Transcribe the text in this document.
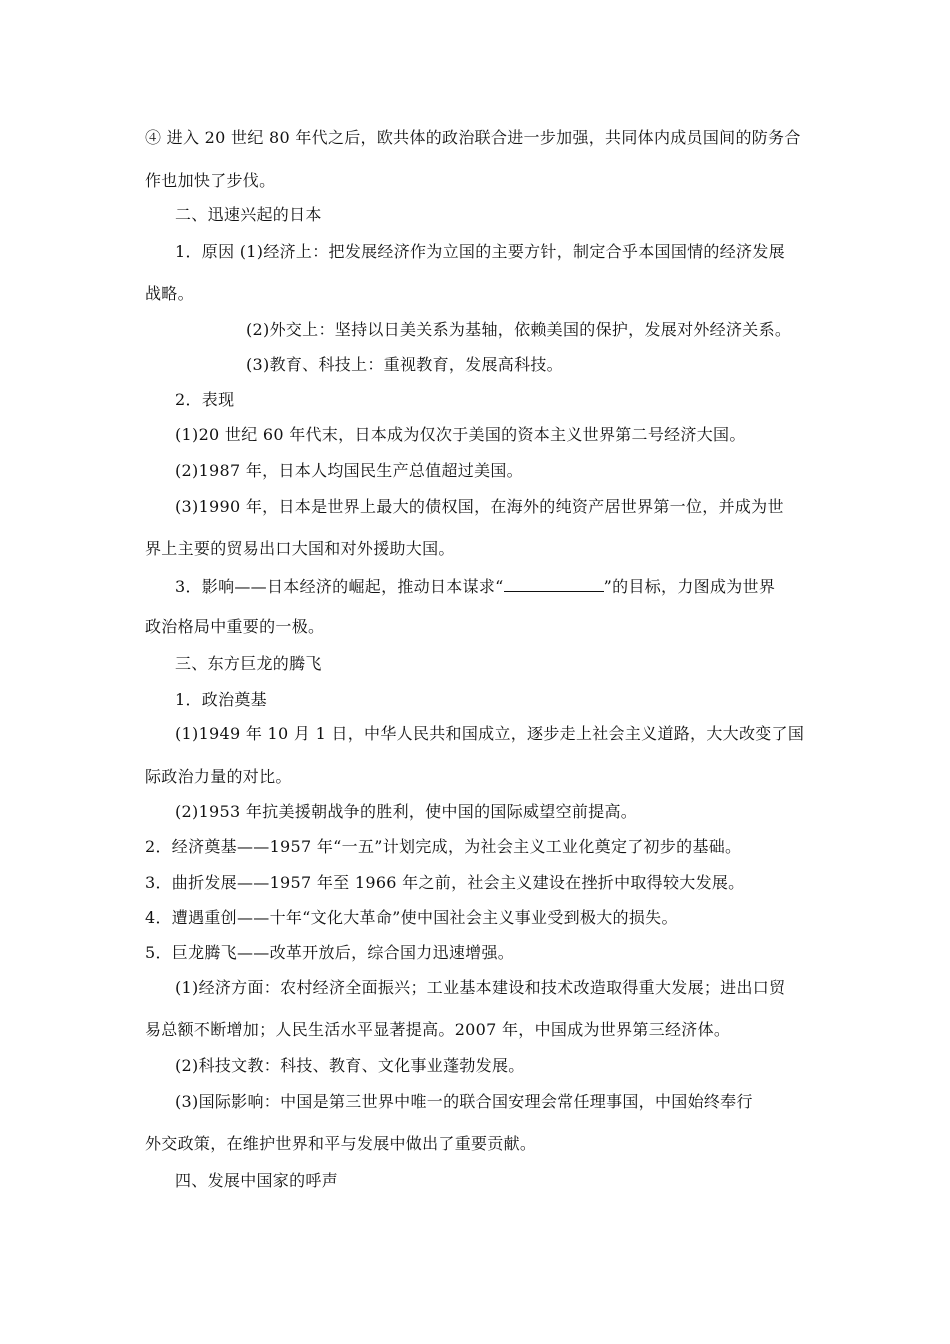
④ 进入 20 世纪 80 年代之后，欧共体的政治联合进一步加强，共同体内成员国间的防务合
作也加快了步伐。
二、迅速兴起的日本
1．原因 (1)经济上：把发展经济作为立国的主要方针，制定合乎本国国情的经济发展
战略。
(2)外交上：坚持以日美关系为基轴，依赖美国的保护，发展对外经济关系。
(3)教育、科技上：重视教育，发展高科技。
2．表现
(1)20 世纪 60 年代末，日本成为仅次于美国的资本主义世界第二号经济大国。
(2)1987 年，日本人均国民生产总值超过美国。
(3)1990 年，日本是世界上最大的债权国，在海外的纯资产居世界第一位，并成为世
界上主要的贸易出口大国和对外援助大国。
3．影响——日本经济的崛起，推动日本谋求“	”的目标，力图成为世界
政治格局中重要的一极。
三、东方巨龙的腾飞
1．政治奠基
(1)1949 年 10 月 1 日，中华人民共和国成立，逐步走上社会主义道路，大大改变了国
际政治力量的对比。
(2)1953 年抗美援朝战争的胜利，使中国的国际威望空前提高。
2．经济奠基——1957 年“一五”计划完成，为社会主义工业化奠定了初步的基础。
3．曲折发展——1957 年至 1966 年之前，社会主义建设在挫折中取得较大发展。
4．遭遇重创——十年“文化大革命”使中国社会主义事业受到极大的损失。
5．巨龙腾飞——改革开放后，综合国力迅速增强。
(1)经济方面：农村经济全面振兴；工业基本建设和技术改造取得重大发展；进出口贸
易总额不断增加；人民生活水平显著提高。2007 年，中国成为世界第三经济体。
(2)科技文教：科技、教育、文化事业蓬勃发展。
(3)国际影响：中国是第三世界中唯一的联合国安理会常任理事国，中国始终奉行
外交政策，在维护世界和平与发展中做出了重要贡献。
四、发展中国家的呼声
